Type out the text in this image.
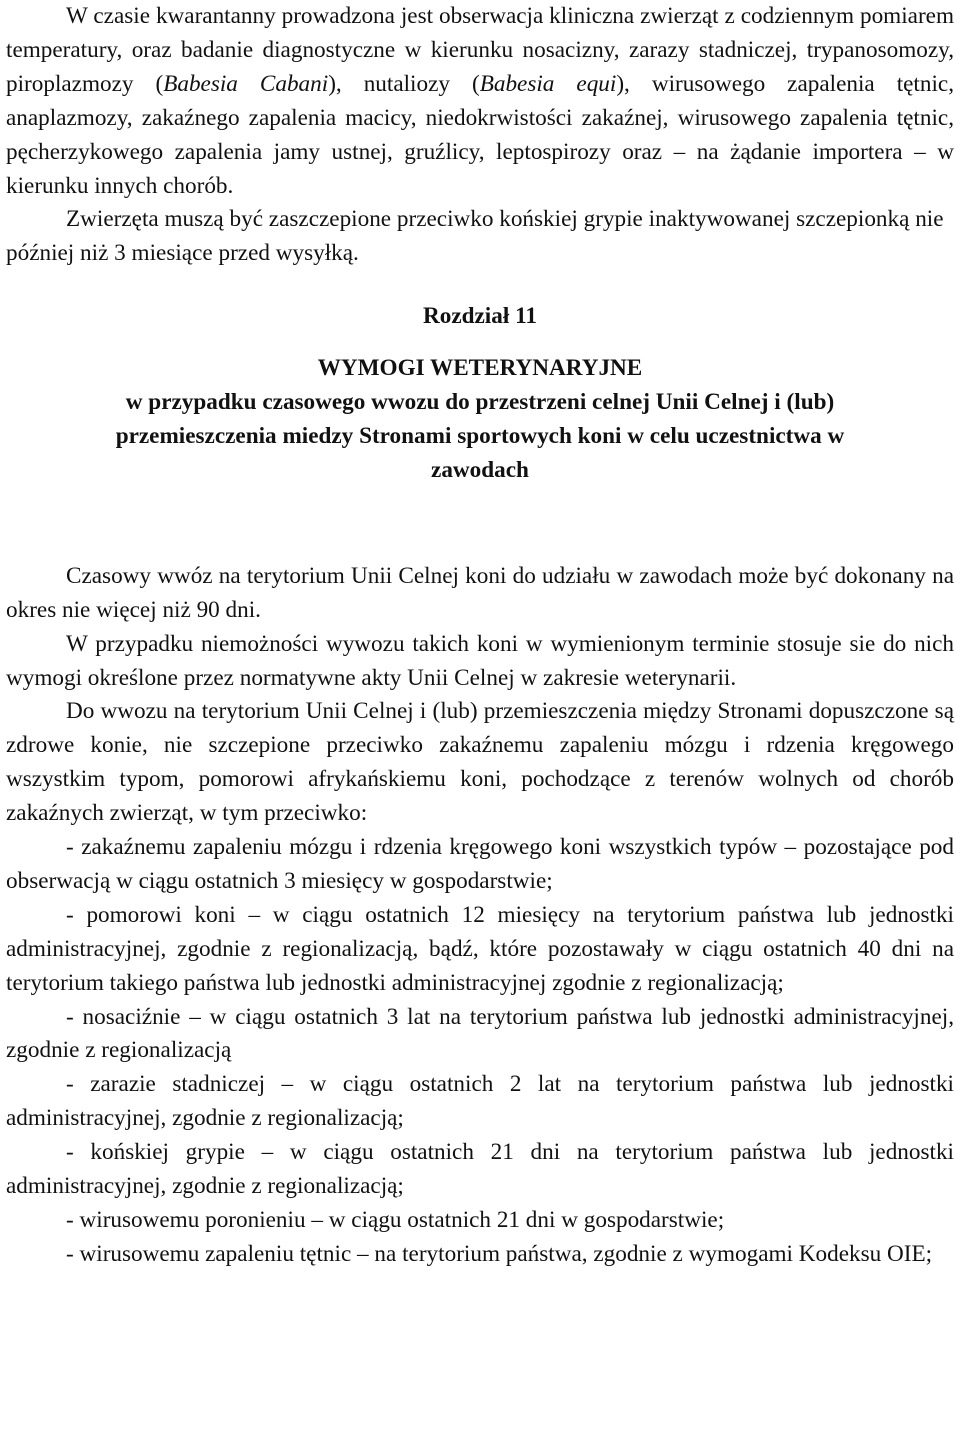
W czasie kwarantanny prowadzona jest obserwacja kliniczna zwierząt z codziennym pomiarem temperatury, oraz badanie diagnostyczne w kierunku nosacizny, zarazy stadniczej, trypanosomozy, piroplazmozy (Babesia Cabani), nutaliozy (Babesia equi), wirusowego zapalenia tętnic, anaplazmozy, zakaźnego zapalenia macicy, niedokrwistości zakaźnej, wirusowego zapalenia tętnic, pęcherzykowego zapalenia jamy ustnej, gruźlicy, leptospirozy oraz – na żądanie importera – w kierunku innych chorób.

Zwierzęta muszą być zaszczepione przeciwko końskiej grypie inaktywowanej szczepionką nie później niż 3 miesiące przed wysyłką.

Rozdział 11
WYMOGI WETERYNARYJNE
w przypadku czasowego wwozu do przestrzeni celnej Unii Celnej i (lub)
przemieszczenia miedzy Stronami sportowych koni w celu uczestnictwa w
zawodach

Czasowy wwóz na terytorium Unii Celnej koni do udziału w zawodach może być dokonany na okres nie więcej niż 90 dni.

W przypadku niemożności wywozu takich koni w wymienionym terminie stosuje sie do nich wymogi określone przez normatywne akty Unii Celnej w zakresie weterynarii.

Do wwozu na terytorium Unii Celnej i (lub) przemieszczenia między Stronami dopuszczone są zdrowe konie, nie szczepione przeciwko zakaźnemu zapaleniu mózgu i rdzenia kręgowego wszystkim typom, pomorowi afrykańskiemu koni, pochodzące z terenów wolnych od chorób zakaźnych zwierząt, w tym przeciwko:

- zakaźnemu zapaleniu mózgu i rdzenia kręgowego koni wszystkich typów – pozostające pod obserwacją w ciągu ostatnich 3 miesięcy w gospodarstwie;

- pomorowi koni – w ciągu ostatnich 12 miesięcy na terytorium państwa lub jednostki administracyjnej, zgodnie z regionalizacją, bądź, które pozostawały w ciągu ostatnich 40 dni na terytorium takiego państwa lub jednostki administracyjnej zgodnie z regionalizacją;

- nosaciźnie – w ciągu ostatnich 3 lat na terytorium państwa lub jednostki administracyjnej, zgodnie z regionalizacją

- zarazie stadniczej – w ciągu ostatnich 2 lat na terytorium państwa lub jednostki administracyjnej, zgodnie z regionalizacją;

- końskiej grypie – w ciągu ostatnich 21 dni na terytorium państwa lub jednostki administracyjnej, zgodnie z regionalizacją;

- wirusowemu poronieniu – w ciągu ostatnich 21 dni w gospodarstwie;

- wirusowemu zapaleniu tętnic – na terytorium państwa, zgodnie z wymogami Kodeksu OIE;
